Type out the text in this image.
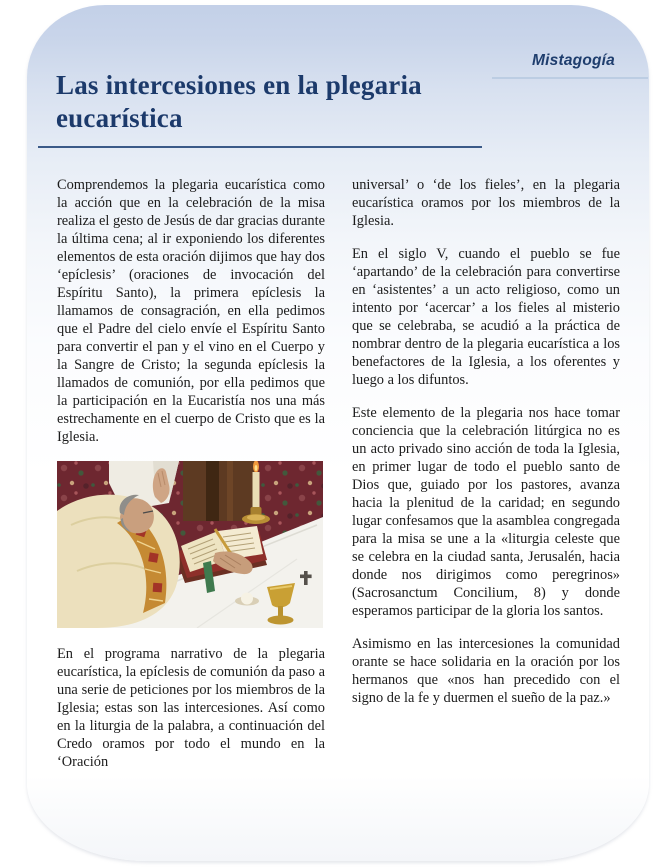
Mistagogía
Las intercesiones en la plegaria eucarística

Comprendemos la plegaria eucarística como la acción que en la celebración de la misa realiza el gesto de Jesús de dar gracias durante la última cena; al ir exponiendo los diferentes elementos de esta oración dijimos que hay dos ‘epíclesis’ (oraciones de invocación del Espíritu Santo), la primera epíclesis la llamamos de consagración, en ella pedimos que el Padre del cielo envíe el Espíritu Santo para convertir el pan y el vino en el Cuerpo y la Sangre de Cristo; la segunda epíclesis la llamados de comunión, por ella pedimos que la participación en la Eucaristía nos una más estrechamente en el cuerpo de Cristo que es la Iglesia.

En el programa narrativo de la plegaria eucarística, la epíclesis de comunión da paso a una serie de peticiones por los miembros de la Iglesia; estas son las intercesiones. Así como en la liturgia de la palabra, a continuación del Credo oramos por todo el mundo en la ‘Oración

universal’ o ‘de los fieles’, en la plegaria eucarística oramos por los miembros de la Iglesia.

En el siglo V, cuando el pueblo se fue ‘apartando’ de la celebración para convertirse en ‘asistentes’ a un acto religioso, como un intento por ‘acercar’ a los fieles al misterio que se celebraba, se acudió a la práctica de nombrar dentro de la plegaria eucarística a los benefactores de la Iglesia, a los oferentes y luego a los difuntos.

Este elemento de la plegaria nos hace tomar conciencia que la celebración litúrgica no es un acto privado sino acción de toda la Iglesia, en primer lugar de todo el pueblo santo de Dios que, guiado por los pastores, avanza hacia la plenitud de la caridad; en segundo lugar confesamos que la asamblea congregada para la misa se une a la «liturgia celeste que se celebra en la ciudad santa, Jerusalén, hacia donde nos dirigimos como peregrinos» (Sacrosanctum Concilium, 8) y donde esperamos participar de la gloria los santos.

Asimismo en las intercesiones la comunidad orante se hace solidaria en la oración por los hermanos que «nos han precedido con el signo de la fe y duermen el sueño de la paz.»
